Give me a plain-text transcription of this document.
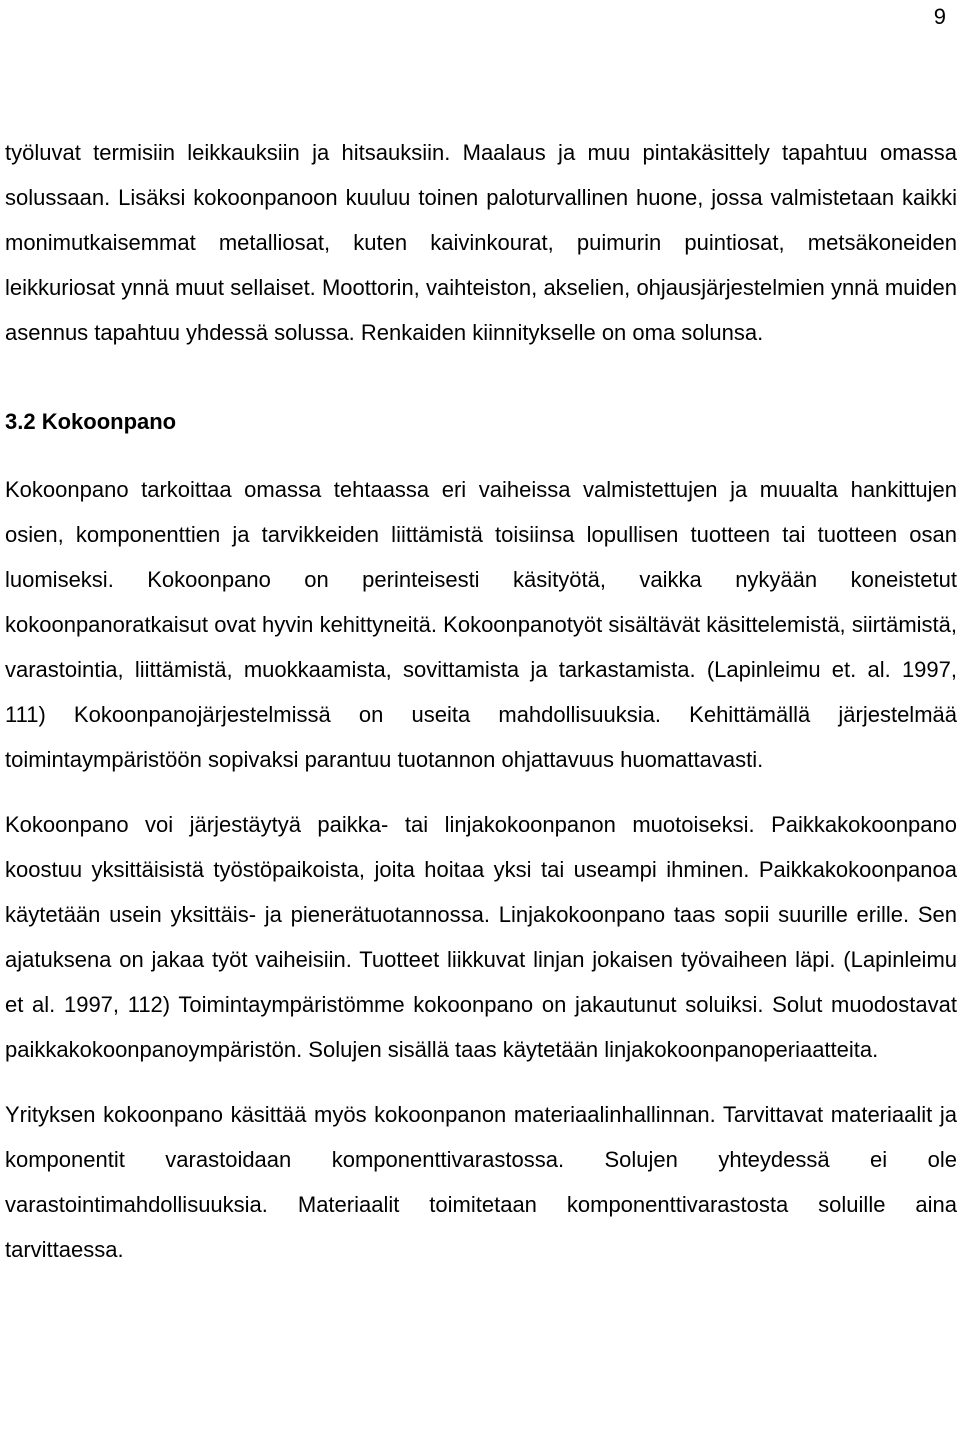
9

työluvat termisiin leikkauksiin ja hitsauksiin. Maalaus ja muu pintakäsittely tapahtuu omassa solussaan. Lisäksi kokoonpanoon kuuluu toinen paloturvallinen huone, jossa valmistetaan kaikki monimutkaisemmat metalliosat, kuten kaivinkourat, puimurin puintiosat, metsäkoneiden leikkuriosat ynnä muut sellaiset. Moottorin, vaihteiston, akselien, ohjausjärjestelmien ynnä muiden asennus tapahtuu yhdessä solussa. Renkaiden kiinnitykselle on oma solunsa.

3.2 Kokoonpano

Kokoonpano tarkoittaa omassa tehtaassa eri vaiheissa valmistettujen ja muualta hankittujen osien, komponenttien ja tarvikkeiden liittämistä toisiinsa lopullisen tuotteen tai tuotteen osan luomiseksi. Kokoonpano on perinteisesti käsityötä, vaikka nykyään koneistetut kokoonpanoratkaisut ovat hyvin kehittyneitä. Kokoonpanotyöt sisältävät käsittelemistä, siirtämistä, varastointia, liittämistä, muokkaamista, sovittamista ja tarkastamista. (Lapinleimu et. al. 1997, 111) Kokoonpanojärjestelmissä on useita mahdollisuuksia. Kehittämällä järjestelmää toimintaympäristöön sopivaksi parantuu tuotannon ohjattavuus huomattavasti.

Kokoonpano voi järjestäytyä paikka- tai linjakokoonpanon muotoiseksi. Paikkakokoonpano koostuu yksittäisistä työstöpaikoista, joita hoitaa yksi tai useampi ihminen. Paikkakokoonpanoa käytetään usein yksittäis- ja pienerätuotannossa. Linjakokoonpano taas sopii suurille erille. Sen ajatuksena on jakaa työt vaiheisiin. Tuotteet liikkuvat linjan jokaisen työvaiheen läpi. (Lapinleimu et al. 1997, 112) Toimintaympäristömme kokoonpano on jakautunut soluiksi. Solut muodostavat paikkakokoonpanoympäristön. Solujen sisällä taas käytetään linjakokoonpanoperiaatteita.

Yrityksen kokoonpano käsittää myös kokoonpanon materiaalinhallinnan. Tarvittavat materiaalit ja komponentit varastoidaan komponenttivarastossa. Solujen yhteydessä ei ole varastointimahdollisuuksia. Materiaalit toimitetaan komponenttivarastosta soluille aina tarvittaessa.
